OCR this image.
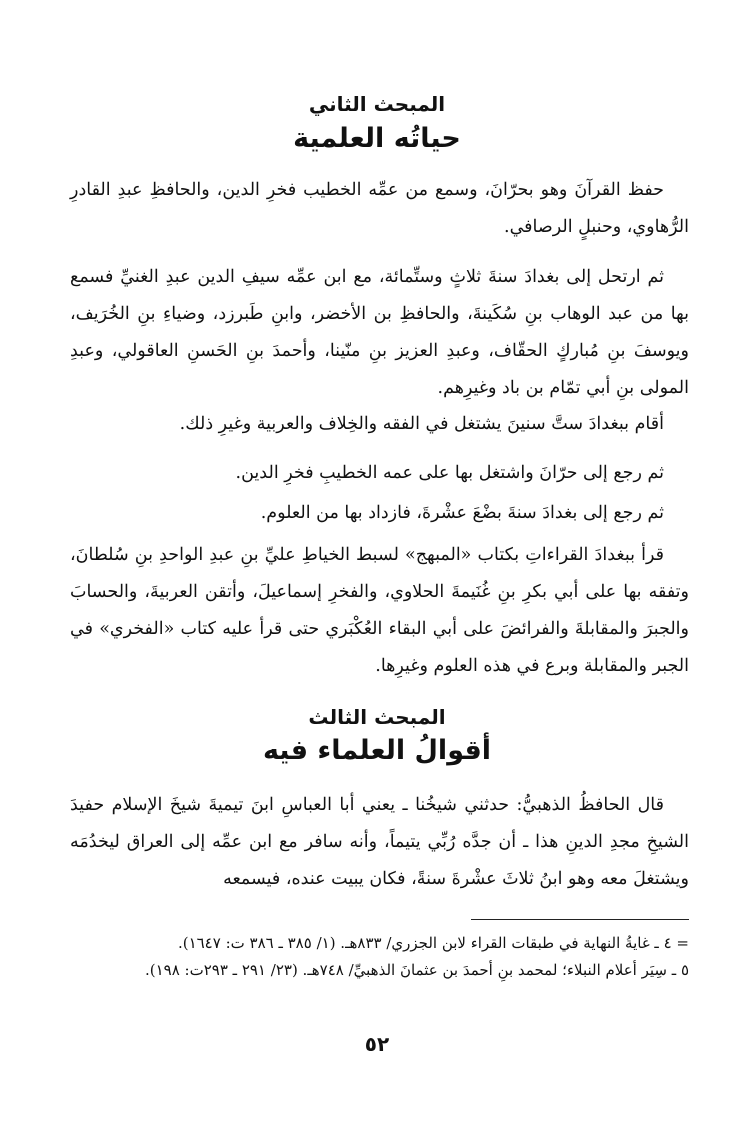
المبحث الثاني
حياتُه العلمية

حفظ القرآنَ وهو بحرّانَ، وسمع من عمِّه الخطيب فخرِ الدين، والحافظِ عبدِ القادرِ الرُّهاوي، وحنبلٍ الرصافي.

ثم ارتحل إلى بغدادَ سنةَ ثلاثٍ وستِّمائة، مع ابن عمِّه سيفِ الدين عبدِ الغنيِّ فسمع بها من عبد الوهاب بنِ سُكَينةَ، والحافظِ بن الأخضر، وابنِ طَبرزد، وضياءِ بنِ الخُرَيف، ويوسفَ بنِ مُباركٍ الحقّاف، وعبدِ العزيز بنِ منّينا، وأحمدَ بنِ الحَسنِ العاقولي، وعبدِ المولى بنِ أبي تمّام بن باد وغيرِهم.

أقام ببغدادَ ستَّ سنينَ يشتغل في الفقه والخِلاف والعربية وغيرِ ذلك.

ثم رجع إلى حرّانَ واشتغل بها على عمه الخطيبِ فخرِ الدين.

ثم رجع إلى بغدادَ سنةَ بضْعَ عشْرةَ، فازداد بها من العلوم.

قرأ ببغدادَ القراءاتِ بكتاب «المبهج» لسبط الخياطِ عليِّ بنِ عبدِ الواحدِ بنِ سُلطانَ، وتفقه بها على أبي بكرِ بنِ غُنَيمةَ الحلاوي، والفخرِ إسماعيلَ، وأتقن العربيةَ، والحسابَ والجبرَ والمقابلةَ والفرائضَ على أبي البقاء العُكْبَري حتى قرأ عليه كتاب «الفخري» في الجبر والمقابلة وبرع في هذه العلوم وغيرِها.

المبحث الثالث
أقوالُ العلماء فيه

قال الحافظُ الذهبيُّ: حدثني شيخُنا ـ يعني أبا العباسِ ابنَ تيميةَ شيخَ الإسلام حفيدَ الشيخِ مجدِ الدينِ هذا ـ أن جدَّه رُبِّي يتيماً، وأنه سافر مع ابن عمِّه إلى العراق ليخدُمَه ويشتغلَ معه وهو ابنُ ثلاثَ عشْرةَ سنةً، فكان يبيت عنده، فيسمعه

= ٤ ـ غايةُ النهاية في طبقات القراء لابن الجزري/ ٨٣٣هـ. (١/ ٣٨٥ ـ ٣٨٦ ت: ١٦٤٧).

٥ ـ سِيَر أعلام النبلاء؛ لمحمد بنِ أحمدَ بن عثمانَ الذهبيِّ/ ٧٤٨هـ. (٢٣/ ٢٩١ ـ ٢٩٣ت: ١٩٨).

٥٢
